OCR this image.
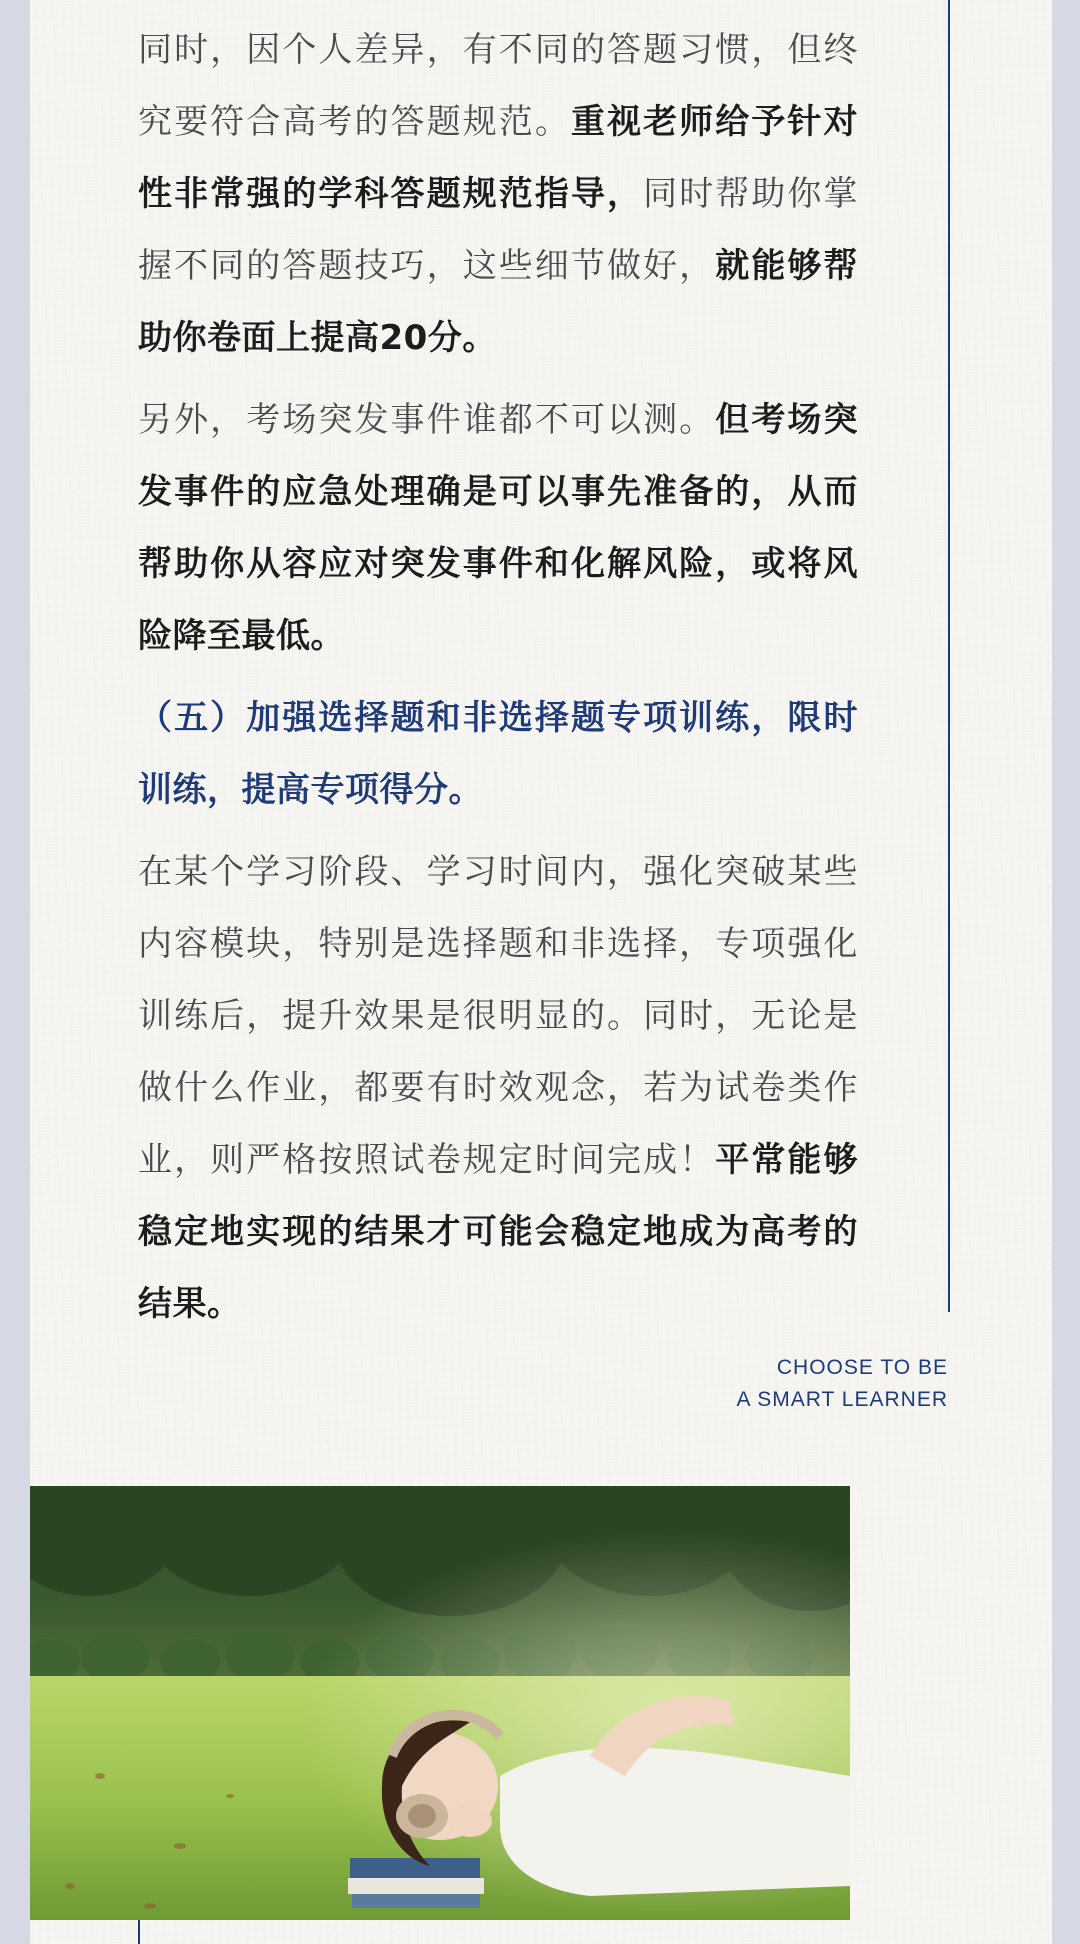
同时，因个人差异，有不同的答题习惯，但终究要符合高考的答题规范。重视老师给予针对性非常强的学科答题规范指导，同时帮助你掌握不同的答题技巧，这些细节做好，就能够帮助你卷面上提高20分。

另外，考场突发事件谁都不可以测。但考场突发事件的应急处理确是可以事先准备的，从而帮助你从容应对突发事件和化解风险，或将风险降至最低。

（五）加强选择题和非选择题专项训练，限时训练，提高专项得分。

在某个学习阶段、学习时间内，强化突破某些内容模块，特别是选择题和非选择，专项强化训练后，提升效果是很明显的。同时，无论是做什么作业，都要有时效观念，若为试卷类作业，则严格按照试卷规定时间完成！平常能够稳定地实现的结果才可能会稳定地成为高考的结果。

CHOOSE TO BE
A SMART LEARNER
